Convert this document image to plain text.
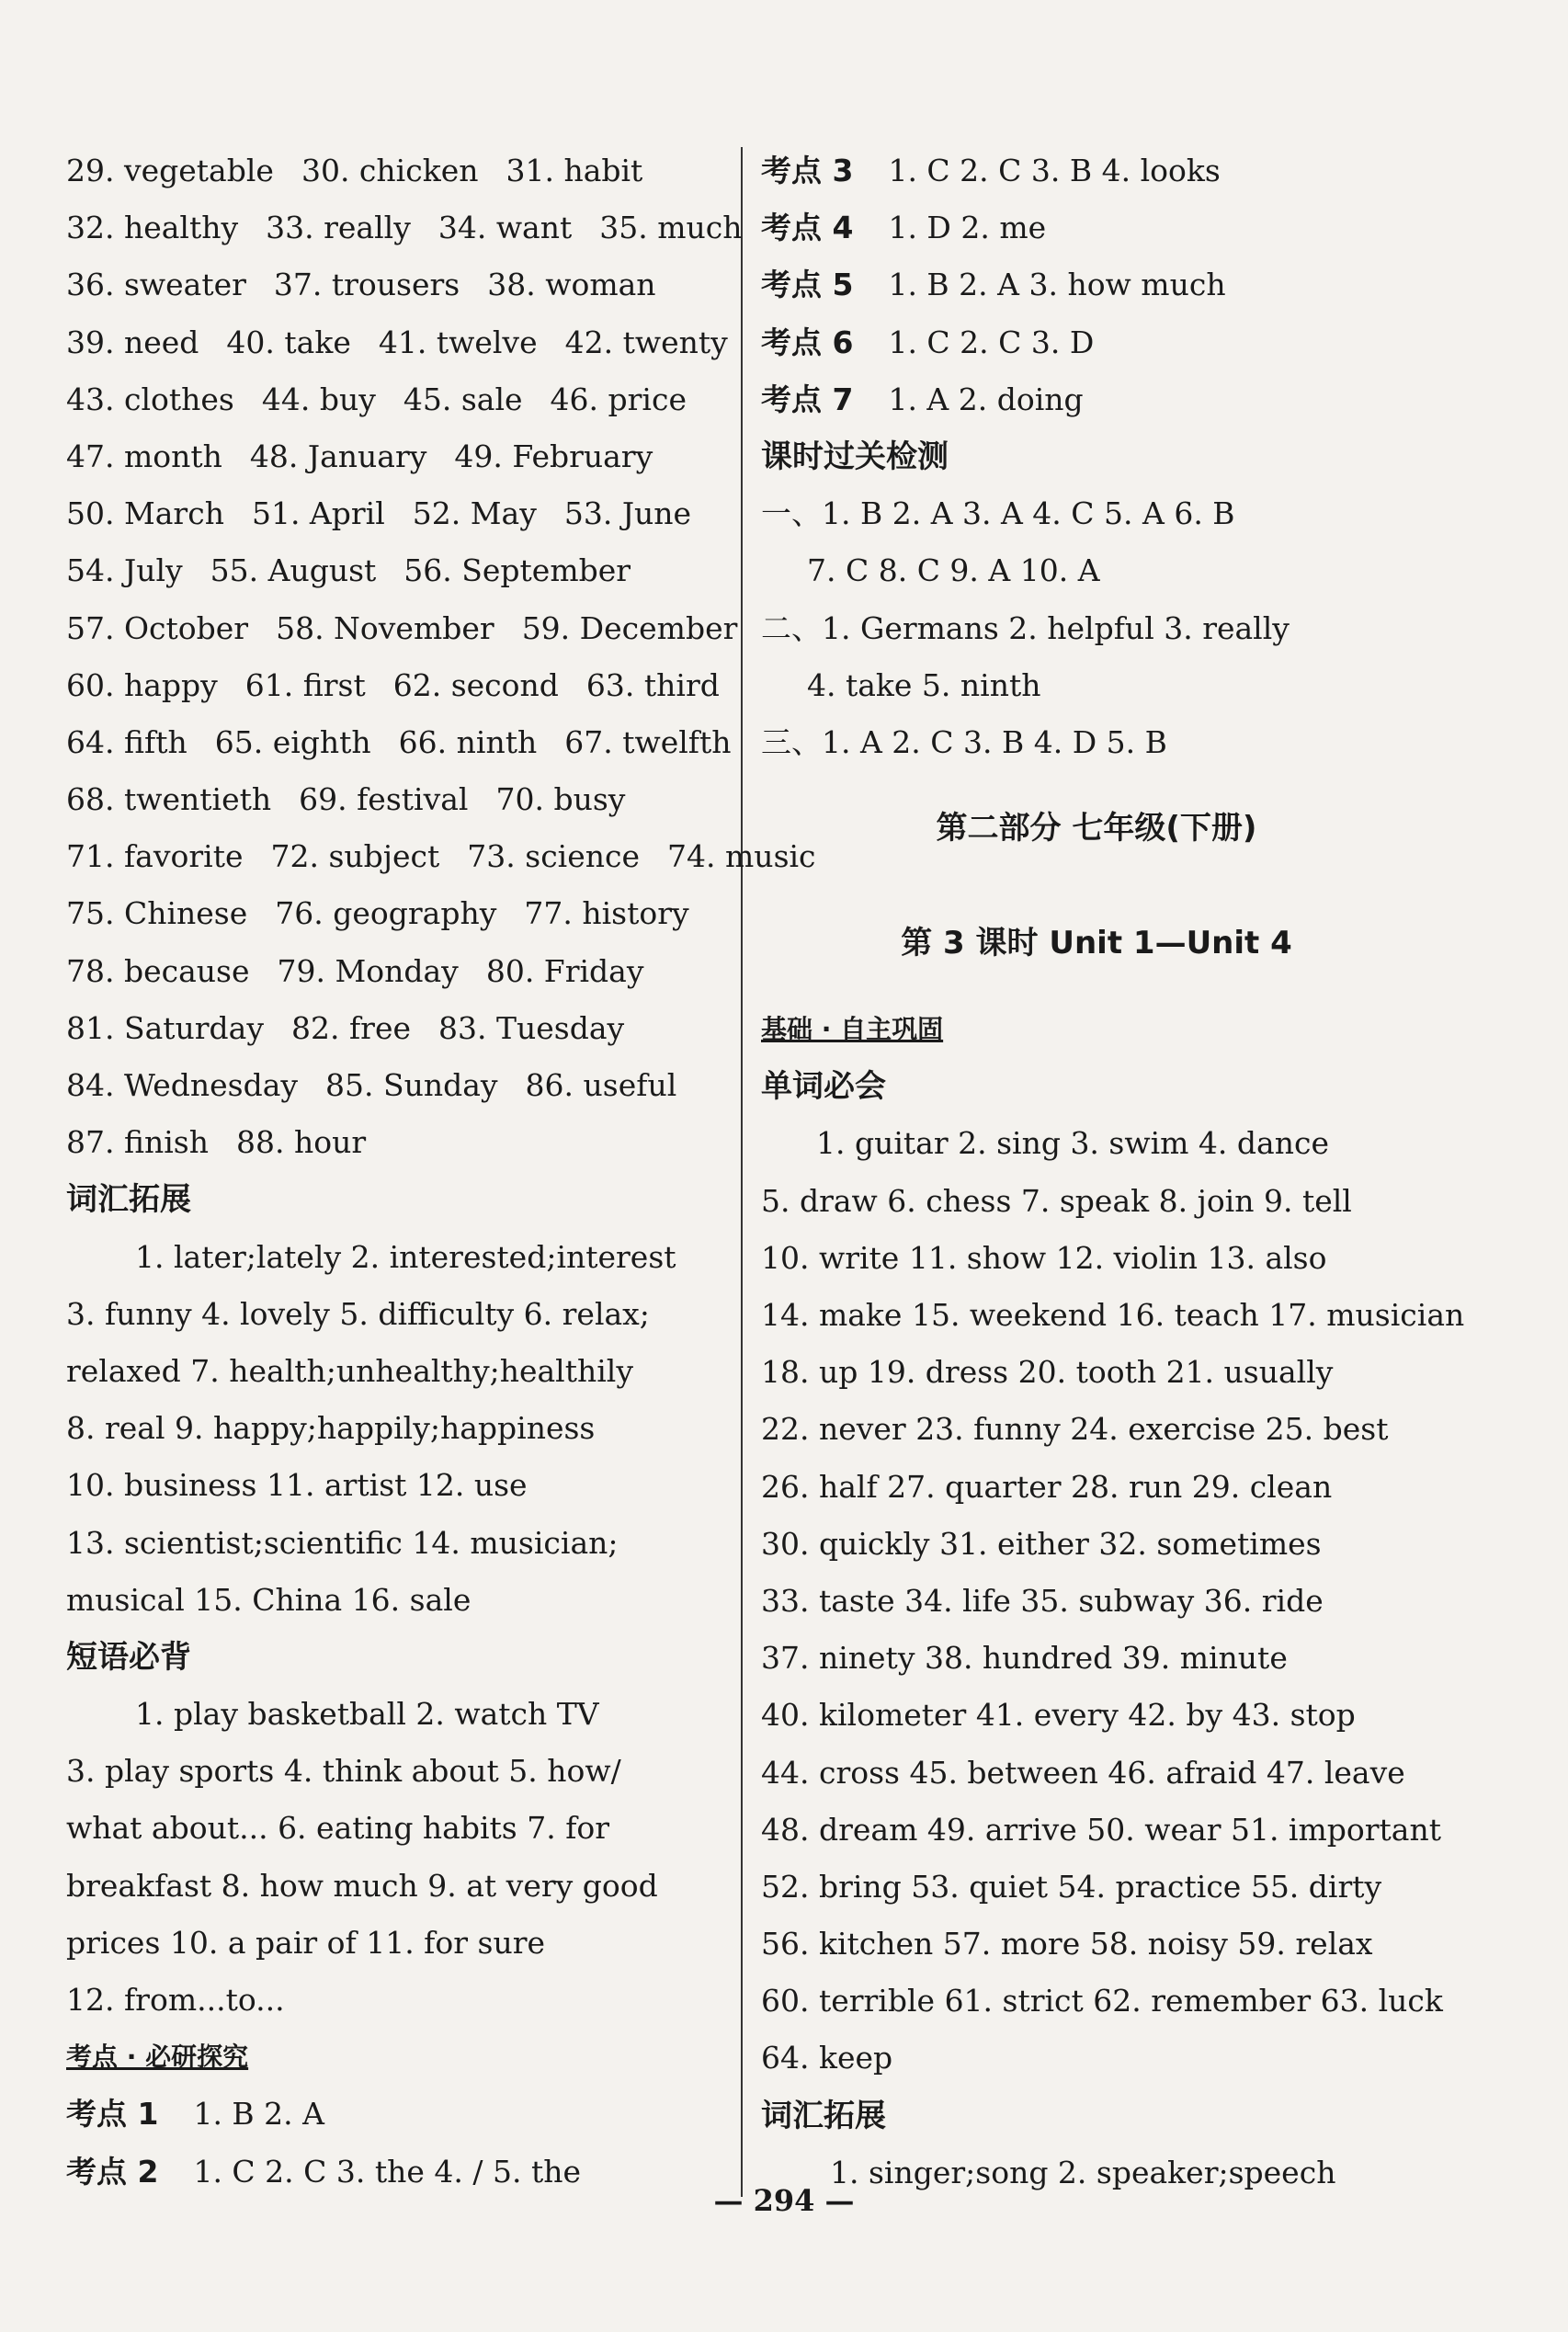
29. vegetable 30. chicken 31. habit
32. healthy 33. really 34. want 35. much
36. sweater 37. trousers 38. woman
39. need 40. take 41. twelve 42. twenty
43. clothes 44. buy 45. sale 46. price
47. month 48. January 49. February
50. March 51. April 52. May 53. June
54. July 55. August 56. September
57. October 58. November 59. December
60. happy 61. first 62. second 63. third
64. fifth 65. eighth 66. ninth 67. twelfth
68. twentieth 69. festival 70. busy
71. favorite 72. subject 73. science 74. music
75. Chinese 76. geography 77. history
78. because 79. Monday 80. Friday
81. Saturday 82. free 83. Tuesday
84. Wednesday 85. Sunday 86. useful
87. finish 88. hour
词汇拓展
1. later;lately 2. interested;interest
3. funny 4. lovely 5. difficulty 6. relax;
relaxed 7. health;unhealthy;healthily
8. real 9. happy;happily;happiness
10. business 11. artist 12. use
13. scientist;scientific 14. musician;
musical 15. China 16. sale
短语必背
1. play basketball 2. watch TV
3. play sports 4. think about 5. how/
what about... 6. eating habits 7. for
breakfast 8. how much 9. at very good
prices 10. a pair of 11. for sure
12. from...to...
考点 · 必研探究
考点 1 1. B 2. A
考点 2 1. C 2. C 3. the 4. / 5. the
考点 3 1. C 2. C 3. B 4. looks
考点 4 1. D 2. me
考点 5 1. B 2. A 3. how much
考点 6 1. C 2. C 3. D
考点 7 1. A 2. doing
课时过关检测
一、1. B 2. A 3. A 4. C 5. A 6. B
7. C 8. C 9. A 10. A
二、1. Germans 2. helpful 3. really
4. take 5. ninth
三、1. A 2. C 3. B 4. D 5. B
第二部分 七年级(下册)
第 3 课时 Unit 1—Unit 4
基础 · 自主巩固
单词必会
1. guitar 2. sing 3. swim 4. dance
5. draw 6. chess 7. speak 8. join 9. tell
10. write 11. show 12. violin 13. also
14. make 15. weekend 16. teach 17. musician
18. up 19. dress 20. tooth 21. usually
22. never 23. funny 24. exercise 25. best
26. half 27. quarter 28. run 29. clean
30. quickly 31. either 32. sometimes
33. taste 34. life 35. subway 36. ride
37. ninety 38. hundred 39. minute
40. kilometer 41. every 42. by 43. stop
44. cross 45. between 46. afraid 47. leave
48. dream 49. arrive 50. wear 51. important
52. bring 53. quiet 54. practice 55. dirty
56. kitchen 57. more 58. noisy 59. relax
60. terrible 61. strict 62. remember 63. luck
64. keep
词汇拓展
1. singer;song 2. speaker;speech
— 294 —
